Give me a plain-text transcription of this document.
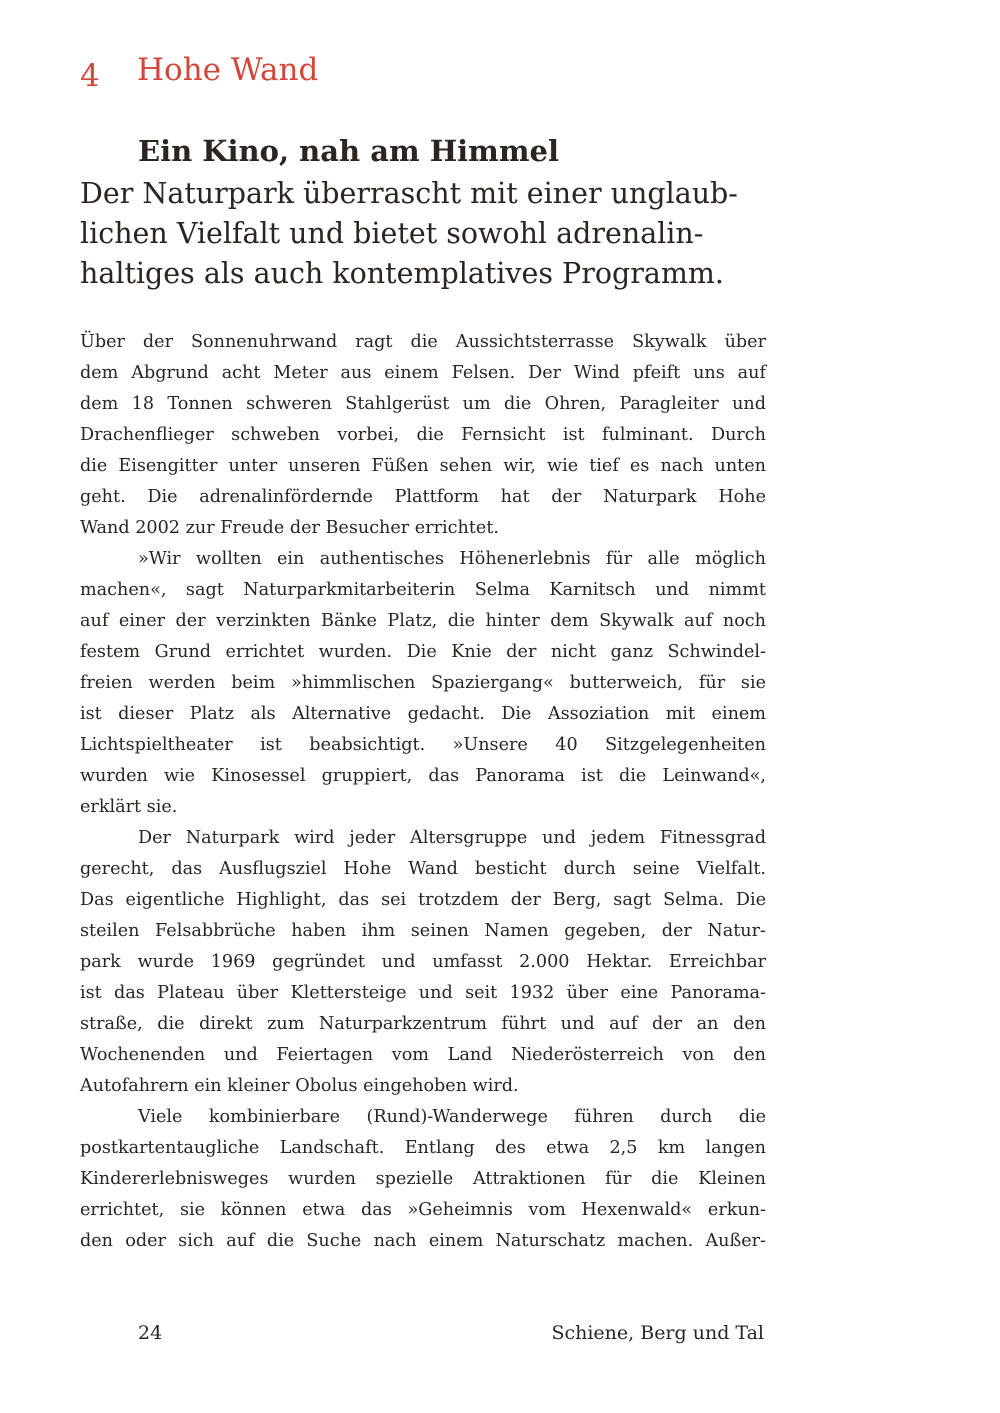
4 Hohe Wand
Ein Kino, nah am Himmel
Der Naturpark überrascht mit einer unglaub-
lichen Vielfalt und bietet sowohl adrenalin-
haltiges als auch kontemplatives Programm.
Über der Sonnenuhrwand ragt die Aussichtsterrasse Skywalk über
dem Abgrund acht Meter aus einem Felsen. Der Wind pfeift uns auf
dem 18 Tonnen schweren Stahlgerüst um die Ohren, Paragleiter und
Drachenflieger schweben vorbei, die Fernsicht ist fulminant. Durch
die Eisengitter unter unseren Füßen sehen wir, wie tief es nach unten
geht. Die adrenalinfördernde Plattform hat der Naturpark Hohe
Wand 2002 zur Freude der Besucher errichtet.
»Wir wollten ein authentisches Höhenerlebnis für alle möglich
machen«, sagt Naturparkmitarbeiterin Selma Karnitsch und nimmt
auf einer der verzinkten Bänke Platz, die hinter dem Skywalk auf noch
festem Grund errichtet wurden. Die Knie der nicht ganz Schwindel-
freien werden beim »himmlischen Spaziergang« butterweich, für sie
ist dieser Platz als Alternative gedacht. Die Assoziation mit einem
Lichtspieltheater ist beabsichtigt. »Unsere 40 Sitzgelegenheiten
wurden wie Kinosessel gruppiert, das Panorama ist die Leinwand«,
erklärt sie.
Der Naturpark wird jeder Altersgruppe und jedem Fitnessgrad
gerecht, das Ausflugsziel Hohe Wand besticht durch seine Vielfalt.
Das eigentliche Highlight, das sei trotzdem der Berg, sagt Selma. Die
steilen Felsabbrüche haben ihm seinen Namen gegeben, der Natur-
park wurde 1969 gegründet und umfasst 2.000 Hektar. Erreichbar
ist das Plateau über Klettersteige und seit 1932 über eine Panorama-
straße, die direkt zum Naturparkzentrum führt und auf der an den
Wochenenden und Feiertagen vom Land Niederösterreich von den
Autofahrern ein kleiner Obolus eingehoben wird.
Viele kombinierbare (Rund)-Wanderwege führen durch die
postkartentaugliche Landschaft. Entlang des etwa 2,5 km langen
Kindererlebnisweges wurden spezielle Attraktionen für die Kleinen
errichtet, sie können etwa das »Geheimnis vom Hexenwald« erkun-
den oder sich auf die Suche nach einem Naturschatz machen. Außer-
24	Schiene, Berg und Tal
